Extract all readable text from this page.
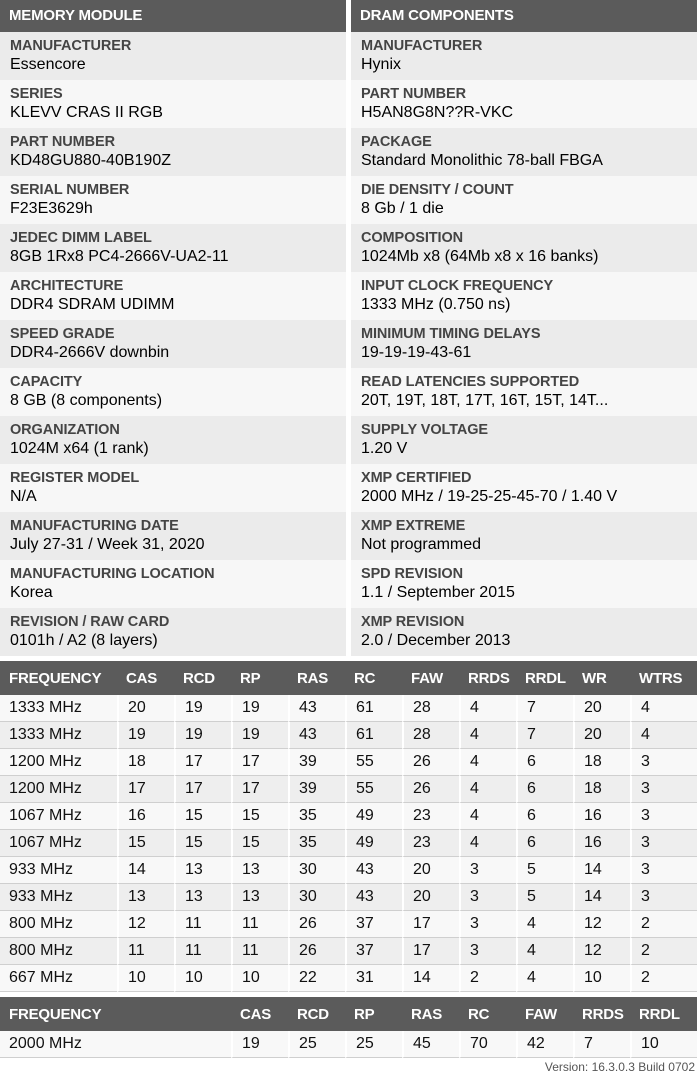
MEMORY MODULE
MANUFACTURER
Essencore
SERIES
KLEVV CRAS II RGB
PART NUMBER
KD48GU880-40B190Z
SERIAL NUMBER
F23E3629h
JEDEC DIMM LABEL
8GB 1Rx8 PC4-2666V-UA2-11
ARCHITECTURE
DDR4 SDRAM UDIMM
SPEED GRADE
DDR4-2666V downbin
CAPACITY
8 GB (8 components)
ORGANIZATION
1024M x64 (1 rank)
REGISTER MODEL
N/A
MANUFACTURING DATE
July 27-31 / Week 31, 2020
MANUFACTURING LOCATION
Korea
REVISION / RAW CARD
0101h / A2 (8 layers)
DRAM COMPONENTS
MANUFACTURER
Hynix
PART NUMBER
H5AN8G8N??R-VKC
PACKAGE
Standard Monolithic 78-ball FBGA
DIE DENSITY / COUNT
8 Gb / 1 die
COMPOSITION
1024Mb x8 (64Mb x8 x 16 banks)
INPUT CLOCK FREQUENCY
1333 MHz (0.750 ns)
MINIMUM TIMING DELAYS
19-19-19-43-61
READ LATENCIES SUPPORTED
20T, 19T, 18T, 17T, 16T, 15T, 14T...
SUPPLY VOLTAGE
1.20 V
XMP CERTIFIED
2000 MHz / 19-25-25-45-70 / 1.40 V
XMP EXTREME
Not programmed
SPD REVISION
1.1 / September 2015
XMP REVISION
2.0 / December 2013
FREQUENCY	CAS	RCD	RP	RAS	RC	FAW	RRDS	RRDL	WR	WTRS
1333 MHz	20	19	19	43	61	28	4	7	20	4
1333 MHz	19	19	19	43	61	28	4	7	20	4
1200 MHz	18	17	17	39	55	26	4	6	18	3
1200 MHz	17	17	17	39	55	26	4	6	18	3
1067 MHz	16	15	15	35	49	23	4	6	16	3
1067 MHz	15	15	15	35	49	23	4	6	16	3
933 MHz	14	13	13	30	43	20	3	5	14	3
933 MHz	13	13	13	30	43	20	3	5	14	3
800 MHz	12	11	11	26	37	17	3	4	12	2
800 MHz	11	11	11	26	37	17	3	4	12	2
667 MHz	10	10	10	22	31	14	2	4	10	2
FREQUENCY	CAS	RCD	RP	RAS	RC	FAW	RRDS	RRDL
2000 MHz	19	25	25	45	70	42	7	10
Version: 16.3.0.3 Build 0702
